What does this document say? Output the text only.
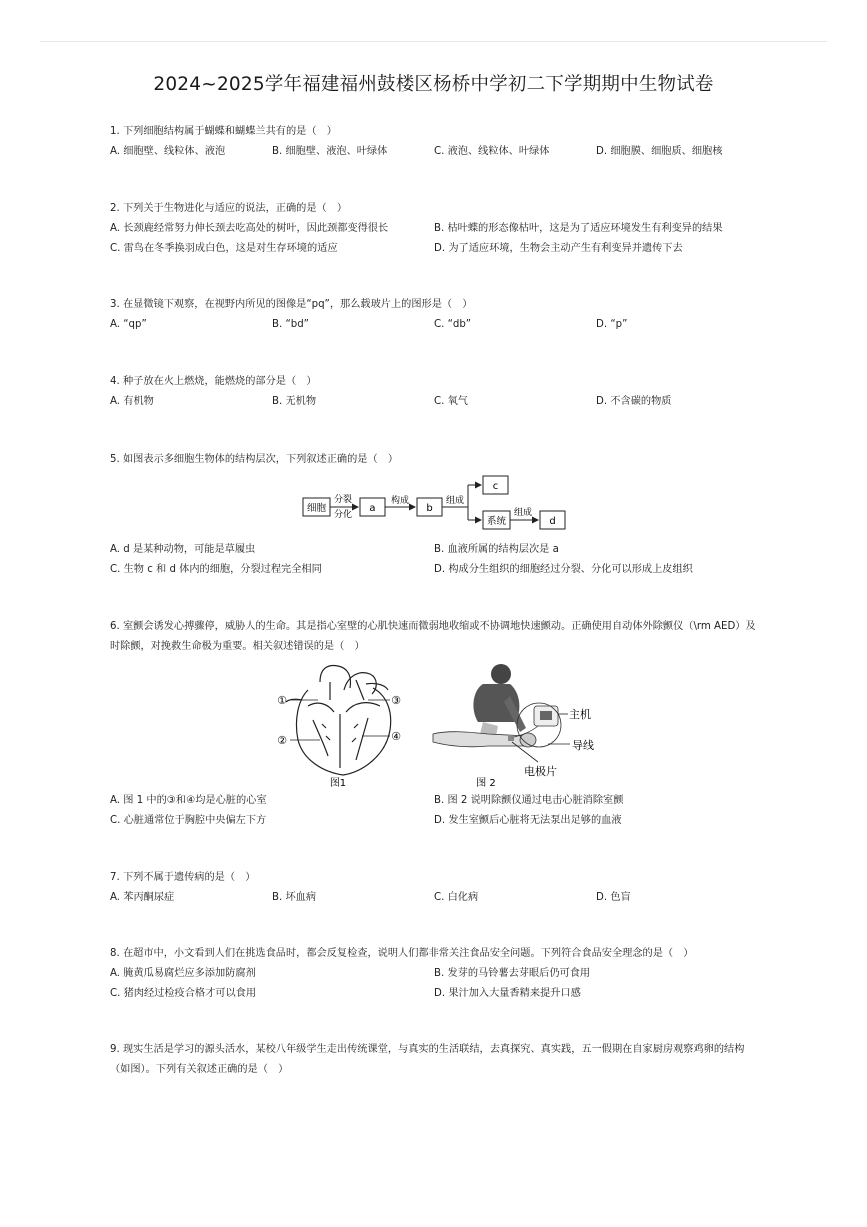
2024~2025学年福建福州鼓楼区杨桥中学初二下学期期中生物试卷
1. 下列细胞结构属于蝴蝶和蝴蝶兰共有的是（　）
A. 细胞壁、线粒体、液泡	B. 细胞壁、液泡、叶绿体	C. 液泡、线粒体、叶绿体	D. 细胞膜、细胞质、细胞核
2. 下列关于生物进化与适应的说法，正确的是（　）
A. 长颈鹿经常努力伸长颈去吃高处的树叶，因此颈都变得很长	B. 枯叶蝶的形态像枯叶，这是为了适应环境发生有利变异的结果
C. 雷鸟在冬季换羽成白色，这是对生存环境的适应	D. 为了适应环境，生物会主动产生有利变异并遗传下去
3. 在显微镜下观察，在视野内所见的图像是“pq”，那么载玻片上的图形是（　）
A. “qp”	B. “bd”	C. “db”	D. “p”
4. 种子放在火上燃烧，能燃烧的部分是（　）
A. 有机物	B. 无机物	C. 氧气	D. 不含碳的物质
5. 如图表示多细胞生物体的结构层次，下列叙述正确的是（　）
细胞
分裂
分化
a
构成
b
组成
c
系统
组成
d
A. d 是某种动物，可能是草履虫	B. 血液所属的结构层次是 a
C. 生物 c 和 d 体内的细胞，分裂过程完全相同	D. 构成分生组织的细胞经过分裂、分化可以形成上皮组织
6. 室颤会诱发心搏骤停，威胁人的生命。其是指心室壁的心肌快速而微弱地收缩或不协调地快速颤动。正确使用自动体外除颤仪（\rm AED）及时除颤，对挽救生命极为重要。相关叙述错误的是（　）
①
②
③
④
图1
主机
导线
电极片
图 2
A. 图 1 中的③和④均是心脏的心室	B. 图 2 说明除颤仪通过电击心脏消除室颤
C. 心脏通常位于胸腔中央偏左下方	D. 发生室颤后心脏将无法泵出足够的血液
7. 下列不属于遗传病的是（　）
A. 苯丙酮尿症	B. 坏血病	C. 白化病	D. 色盲
8. 在超市中，小文看到人们在挑选食品时，都会反复检查，说明人们都非常关注食品安全问题。下列符合食品安全理念的是（　）
A. 腌黄瓜易腐烂应多添加防腐剂	B. 发芽的马铃薯去芽眼后仍可食用
C. 猪肉经过检疫合格才可以食用	D. 果汁加入大量香精来提升口感
9. 现实生活是学习的源头活水，某校八年级学生走出传统课堂，与真实的生活联结，去真探究、真实践，五一假期在自家厨房观察鸡卵的结构（如图）。下列有关叙述正确的是（　）
